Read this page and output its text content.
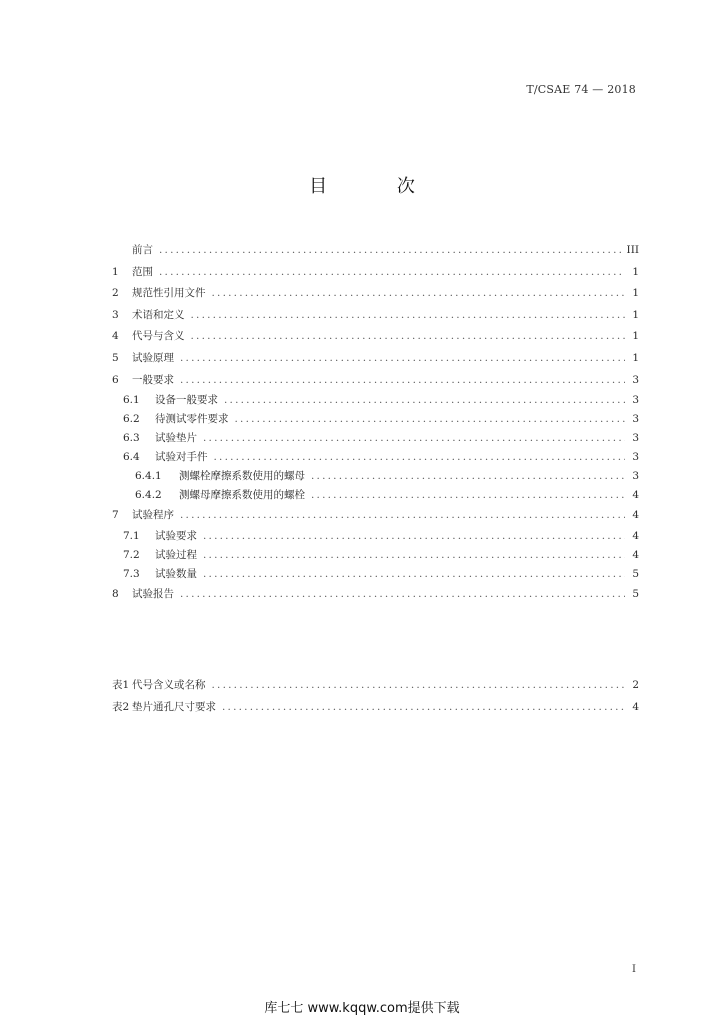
T/CSAE 74 — 2018
目 次
前言 .....	III
1	范围 .....	1
2	规范性引用文件 .....	1
3	术语和定义 .....	1
4	代号与含义 .....	1
5	试验原理 .....	1
6	一般要求 .....	3
6.1	设备一般要求 .....	3
6.2	待测试零件要求 .....	3
6.3	试验垫片 .....	3
6.4	试验对手件 .....	3
6.4.1	测螺栓摩擦系数使用的螺母 .....	3
6.4.2	测螺母摩擦系数使用的螺栓 .....	4
7	试验程序 .....	4
7.1	试验要求 .....	4
7.2	试验过程 .....	4
7.3	试验数量 .....	5
8	试验报告 .....	5
表1 代号含义或名称 .....	2
表2 垫片通孔尺寸要求 .....	4
I
库七七 www.kqqw.com提供下载
